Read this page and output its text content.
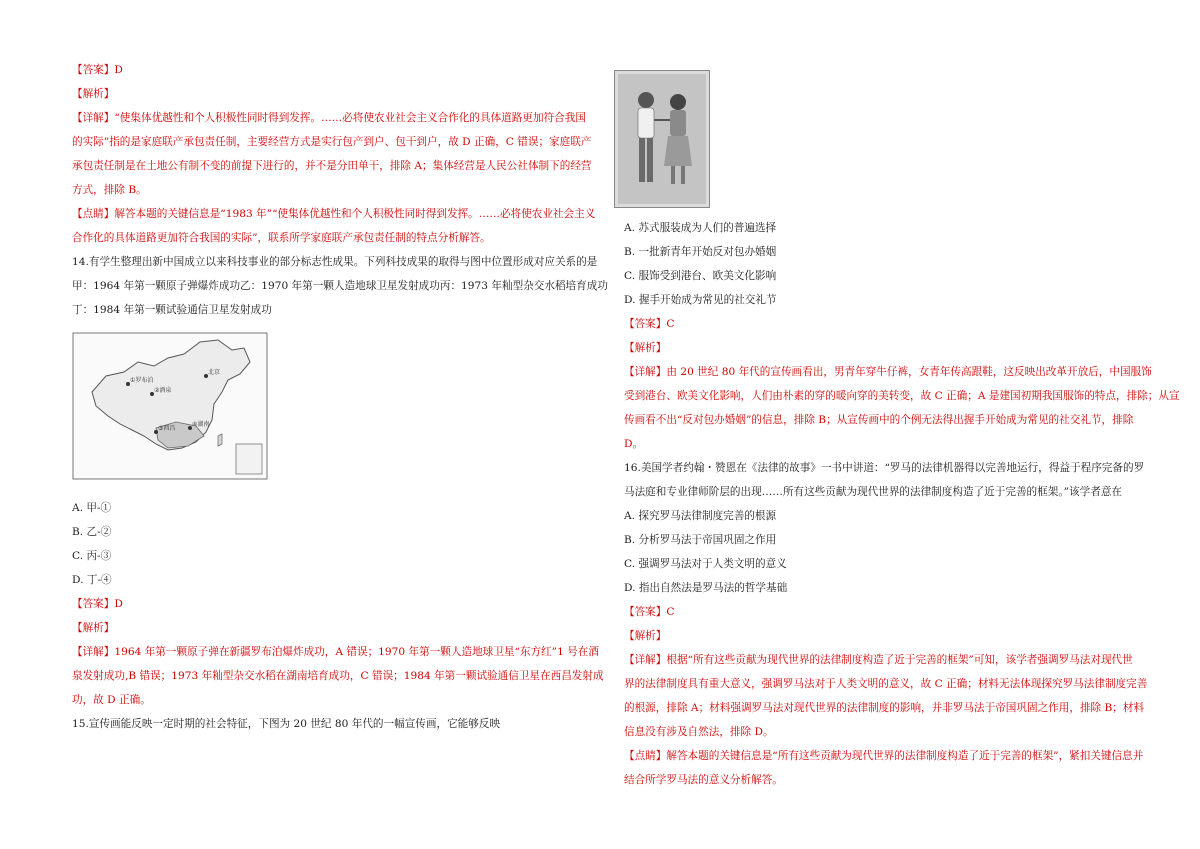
【答案】D

【解析】

【详解】“使集体优越性和个人积极性同时得到发挥。……必将使农业社会主义合作化的具体道路更加符合我国

的实际”指的是家庭联产承包责任制，主要经营方式是实行包产到户、包干到户，故 D 正确，C 错误；家庭联产

承包责任制是在土地公有制不变的前提下进行的，并不是分田单干，排除 A；集体经营是人民公社体制下的经营

方式，排除 B。

【点睛】解答本题的关键信息是“1983 年”“使集体优越性和个人积极性同时得到发挥。……必将使农业社会主义

合作化的具体道路更加符合我国的实际”，联系所学家庭联产承包责任制的特点分析解答。

14.有学生整理出新中国成立以来科技事业的部分标志性成果。下列科技成果的取得与图中位置形成对应关系的是

甲：1964 年第一颗原子弹爆炸成功乙：1970 年第一颗人造地球卫星发射成功丙：1973 年籼型杂交水稻培育成功

丁：1984 年第一颗试验通信卫星发射成功

①罗布泊
②酒泉
③西昌
④湖南
北京

A. 甲-①

B. 乙-②

C. 丙-③

D. 丁-④

【答案】D

【解析】

【详解】1964 年第一颗原子弹在新疆罗布泊爆炸成功，A 错误；1970 年第一颗人造地球卫星“东方红”1 号在酒

泉发射成功,B 错误；1973 年籼型杂交水稻在湖南培育成功，C 错误；1984 年第一颗试验通信卫星在西昌发射成

功，故 D 正确。

15.宣传画能反映一定时期的社会特征，下图为 20 世纪 80 年代的一幅宣传画，它能够反映

A. 苏式服装成为人们的普遍选择

B. 一批新青年开始反对包办婚姻

C. 服饰受到港台、欧美文化影响

D. 握手开始成为常见的社交礼节

【答案】C

【解析】

【详解】由 20 世纪 80 年代的宣传画看出，男青年穿牛仔裤，女青年传高跟鞋，这反映出改革开放后，中国服饰

受到港台、欧美文化影响，人们由朴素的穿的暖向穿的美转变，故 C 正确；A 是建国初期我国服饰的特点，排除；从宣

传画看不出“反对包办婚姻”的信息，排除 B；从宣传画中的个例无法得出握手开始成为常见的社交礼节，排除

D。

16.美国学者约翰・赞恩在《法律的故事》一书中讲道：“罗马的法律机器得以完善地运行，得益于程序完备的罗

马法庭和专业律师阶层的出现……所有这些贡献为现代世界的法律制度构造了近于完善的框架。”该学者意在

A. 探究罗马法律制度完善的根源

B. 分析罗马法于帝国巩固之作用

C. 强调罗马法对于人类文明的意义

D. 指出自然法是罗马法的哲学基础

【答案】C

【解析】

【详解】根据“所有这些贡献为现代世界的法律制度构造了近于完善的框架”可知，该学者强调罗马法对现代世

界的法律制度具有重大意义，强调罗马法对于人类文明的意义，故 C 正确；材料无法体现探究罗马法律制度完善

的根源，排除 A；材料强调罗马法对现代世界的法律制度的影响，并非罗马法于帝国巩固之作用，排除 B；材料

信息没有涉及自然法，排除 D。

【点睛】解答本题的关键信息是“所有这些贡献为现代世界的法律制度构造了近于完善的框架”，紧扣关键信息并

结合所学罗马法的意义分析解答。
